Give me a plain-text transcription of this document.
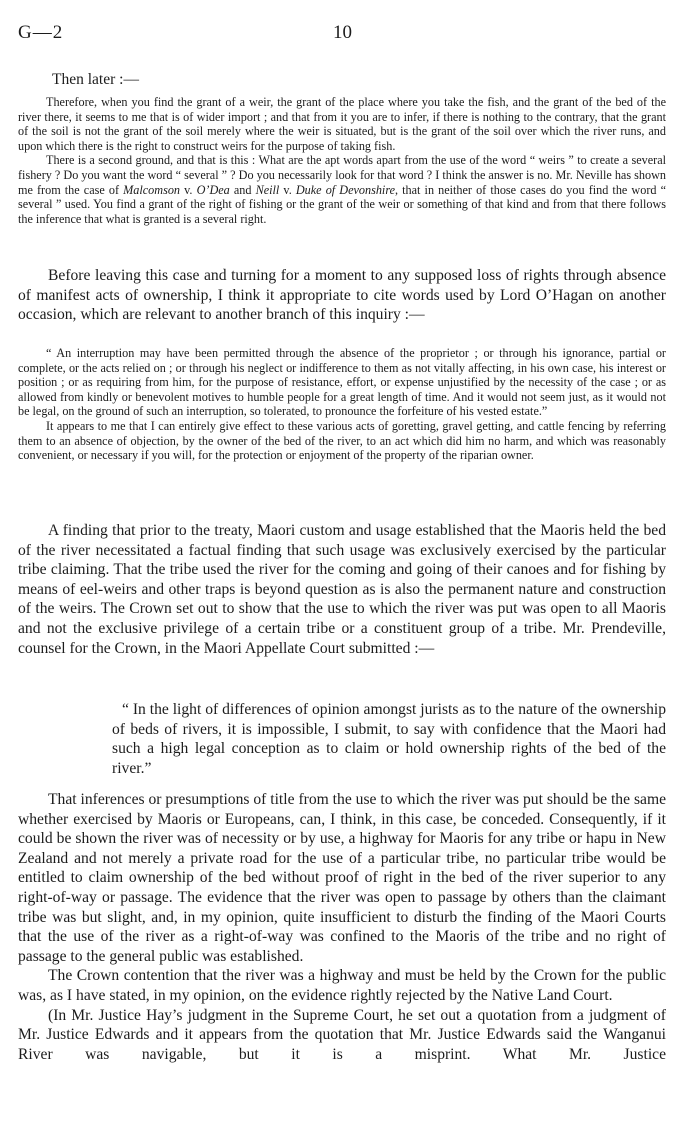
G—2	10
Then later :—

Therefore, when you find the grant of a weir, the grant of the place where you take the fish, and the grant of the bed of the river there, it seems to me that is of wider import ; and that from it you are to infer, if there is nothing to the contrary, that the grant of the soil is not the grant of the soil merely where the weir is situated, but is the grant of the soil over which the river runs, and upon which there is the right to construct weirs for the purpose of taking fish.

There is a second ground, and that is this : What are the apt words apart from the use of the word “ weirs ” to create a several fishery ? Do you want the word “ several ” ? Do you necessarily look for that word ? I think the answer is no. Mr. Neville has shown me from the case of Malcomson v. O’Dea and Neill v. Duke of Devonshire, that in neither of those cases do you find the word “ several ” used. You find a grant of the right of fishing or the grant of the weir or something of that kind and from that there follows the inference that what is granted is a several right.

Before leaving this case and turning for a moment to any supposed loss of rights through absence of manifest acts of ownership, I think it appropriate to cite words used by Lord O’Hagan on another occasion, which are relevant to another branch of this inquiry :—

“ An interruption may have been permitted through the absence of the proprietor ; or through his ignorance, partial or complete, or the acts relied on ; or through his neglect or indifference to them as not vitally affecting, in his own case, his interest or position ; or as requiring from him, for the purpose of resistance, effort, or expense unjustified by the necessity of the case ; or as allowed from kindly or benevolent motives to humble people for a great length of time. And it would not seem just, as it would not be legal, on the ground of such an interruption, so tolerated, to pronounce the forfeiture of his vested estate.”

It appears to me that I can entirely give effect to these various acts of goretting, gravel getting, and cattle fencing by referring them to an absence of objection, by the owner of the bed of the river, to an act which did him no harm, and which was reasonably convenient, or necessary if you will, for the protection or enjoyment of the property of the riparian owner.

A finding that prior to the treaty, Maori custom and usage established that the Maoris held the bed of the river necessitated a factual finding that such usage was exclusively exercised by the particular tribe claiming. That the tribe used the river for the coming and going of their canoes and for fishing by means of eel-weirs and other traps is beyond question as is also the permanent nature and construction of the weirs. The Crown set out to show that the use to which the river was put was open to all Maoris and not the exclusive privilege of a certain tribe or a constituent group of a tribe. Mr. Prendeville, counsel for the Crown, in the Maori Appellate Court submitted :—

“ In the light of differences of opinion amongst jurists as to the nature of the ownership of beds of rivers, it is impossible, I submit, to say with confidence that the Maori had such a high legal conception as to claim or hold ownership rights of the bed of the river.”

That inferences or presumptions of title from the use to which the river was put should be the same whether exercised by Maoris or Europeans, can, I think, in this case, be conceded. Consequently, if it could be shown the river was of necessity or by use, a highway for Maoris for any tribe or hapu in New Zealand and not merely a private road for the use of a particular tribe, no particular tribe would be entitled to claim ownership of the bed without proof of right in the bed of the river superior to any right-of-way or passage. The evidence that the river was open to passage by others than the claimant tribe was but slight, and, in my opinion, quite insufficient to disturb the finding of the Maori Courts that the use of the river as a right-of-way was confined to the Maoris of the tribe and no right of passage to the general public was established.

The Crown contention that the river was a highway and must be held by the Crown for the public was, as I have stated, in my opinion, on the evidence rightly rejected by the Native Land Court.

(In Mr. Justice Hay’s judgment in the Supreme Court, he set out a quotation from a judgment of Mr. Justice Edwards and it appears from the quotation that Mr. Justice Edwards said the Wanganui River was navigable, but it is a misprint. What Mr. Justice
